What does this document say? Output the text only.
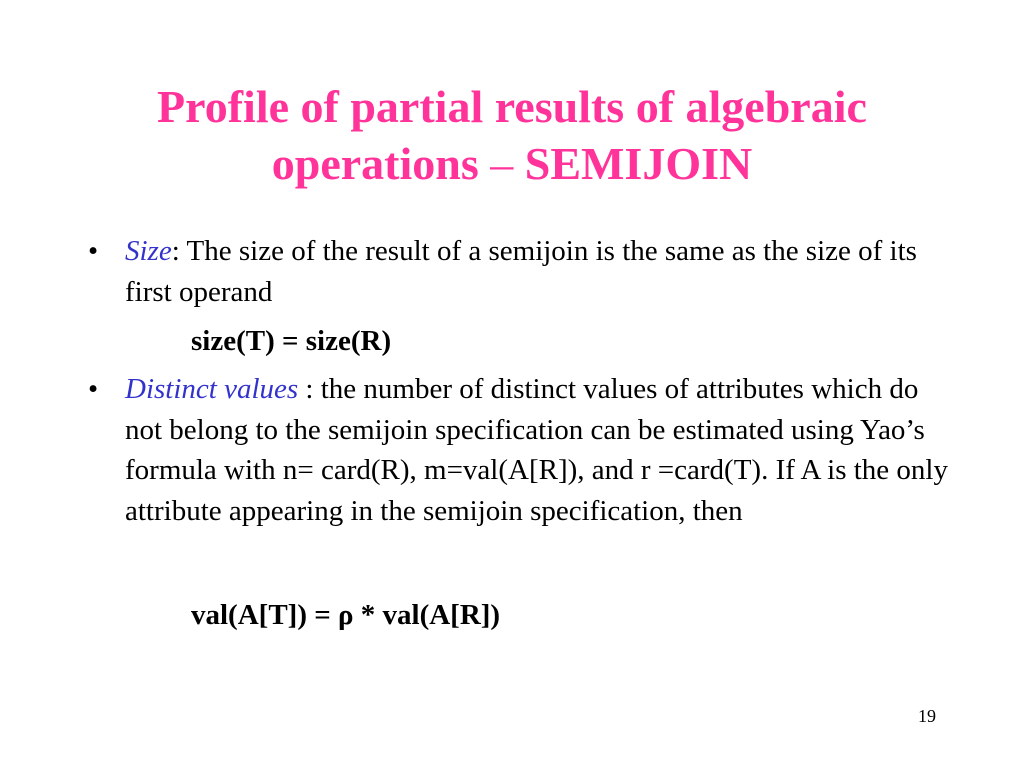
Profile of partial results of algebraic operations – SEMIJOIN
• Size: The size of the result of a semijoin is the same as the size of its first operand
size(T) = size(R)
• Distinct values : the number of distinct values of attributes which do not belong to the semijoin specification can be estimated using Yao’s formula with n= card(R), m=val(A[R]), and r =card(T). If A is the only attribute appearing in the semijoin specification, then
val(A[T]) = ρ * val(A[R])
19
